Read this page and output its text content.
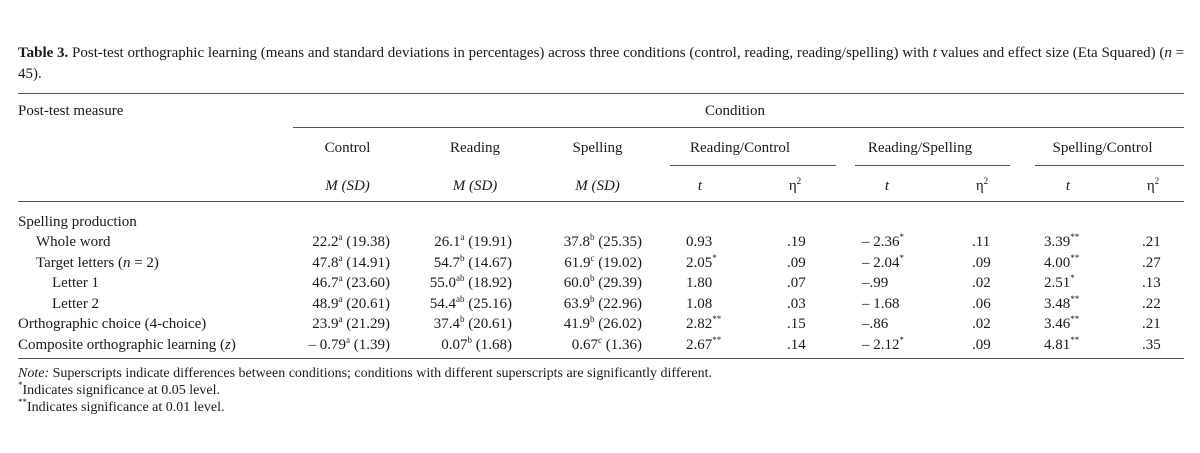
Table 3. Post-test orthographic learning (means and standard deviations in percentages) across three conditions (control, reading, reading/spelling) with t values and effect size (Eta Squared) (n = 45).
Post-test measure	Condition
Control	Reading	Spelling	Reading/Control	Reading/Spelling	Spelling/Control
M (SD)	M (SD)	M (SD)	t	$\eta^2$	t	$\eta^2$	t	$\eta^2$
Spelling production
Whole word	22.2$^a$ (19.38)	26.1$^a$ (19.91)	37.8$^b$ (25.35)	0.93	.19	– 2.36*	.11	3.39**	.21
Target letters (n = 2)	47.8$^a$ (14.91)	54.7$^b$ (14.67)	61.9$^c$ (19.02)	2.05*	.09	– 2.04*	.09	4.00**	.27
Letter 1	46.7$^a$ (23.60)	55.0$^{ab}$ (18.92)	60.0$^b$ (29.39)	1.80	.07	–.99	.02	2.51*	.13
Letter 2	48.9$^a$ (20.61)	54.4$^{ab}$ (25.16)	63.9$^b$ (22.96)	1.08	.03	– 1.68	.06	3.48**	.22
Orthographic choice (4-choice)	23.9$^a$ (21.29)	37.4$^b$ (20.61)	41.9$^b$ (26.02)	2.82**	.15	–.86	.02	3.46**	.21
Composite orthographic learning (z)	– 0.79$^a$ (1.39)	0.07$^b$ (1.68)	0.67$^c$ (1.36)	2.67**	.14	– 2.12*	.09	4.81**	.35
Note: Superscripts indicate differences between conditions; conditions with different superscripts are significantly different.
*Indicates significance at 0.05 level.
**Indicates significance at 0.01 level.
